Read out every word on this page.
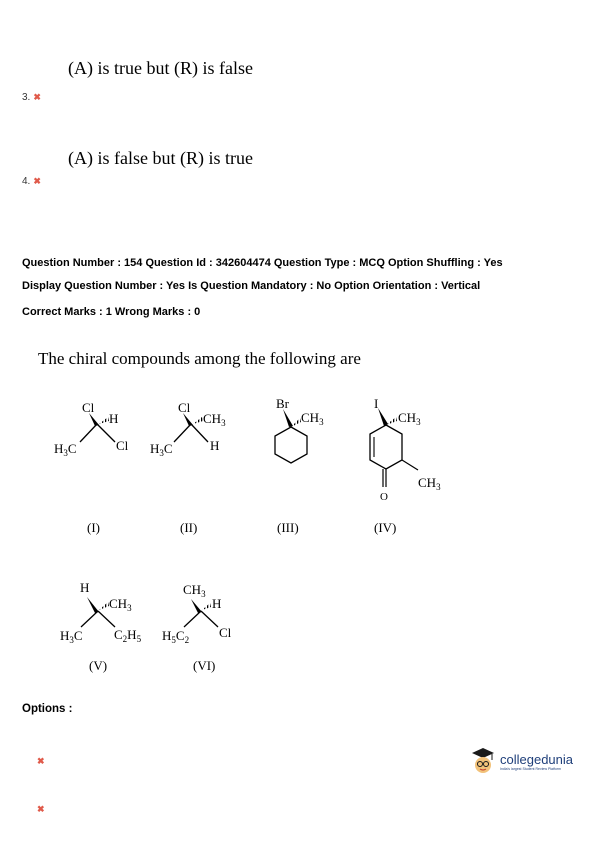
(A) is true but (R) is false
3. ✖
(A) is false but (R) is true
4. ✖
Question Number : 154 Question Id : 342604474 Question Type : MCQ Option Shuffling : Yes
Display Question Number : Yes Is Question Mandatory : No Option Orientation : Vertical
Correct Marks : 1 Wrong Marks : 0
The chiral compounds among the following are
Cl
H
Cl
$H_3C$
(I)
Cl
$CH_3$
H
$H_3C$
(II)
Br
$CH_3$
(III)
I
$CH_3$
$CH_3$
O
(IV)
H
$CH_3$
$H_3C$ $C_2H_5$
(V)
$CH_3$
H
$H_5C_2$ Cl
(VI)
Options :
✖
✖
collegedunia
India's largest Student Review Platform
